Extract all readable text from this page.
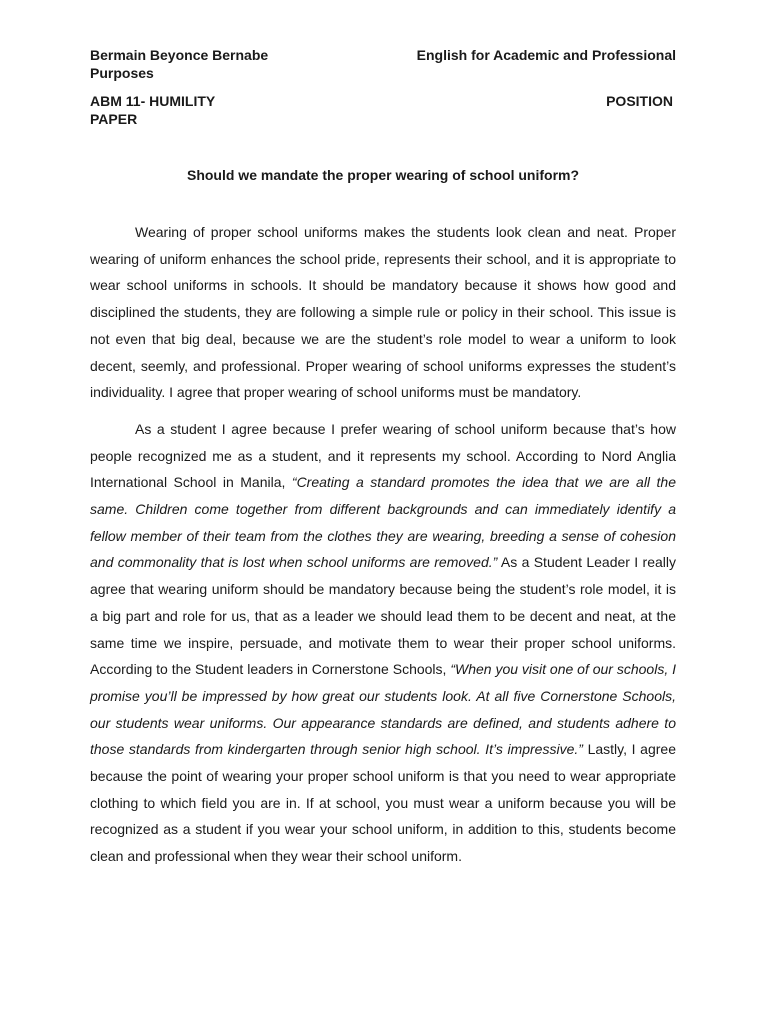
Bermain Beyonce Bernabe	English for Academic and Professional
Purposes
ABM 11- HUMILITY	POSITION
PAPER
Should we mandate the proper wearing of school uniform?

Wearing of proper school uniforms makes the students look clean and neat. Proper wearing of uniform enhances the school pride, represents their school, and it is appropriate to wear school uniforms in schools. It should be mandatory because it shows how good and disciplined the students, they are following a simple rule or policy in their school. This issue is not even that big deal, because we are the student’s role model to wear a uniform to look decent, seemly, and professional. Proper wearing of school uniforms expresses the student’s individuality. I agree that proper wearing of school uniforms must be mandatory.

As a student I agree because I prefer wearing of school uniform because that’s how people recognized me as a student, and it represents my school. According to Nord Anglia International School in Manila, “Creating a standard promotes the idea that we are all the same. Children come together from different backgrounds and can immediately identify a fellow member of their team from the clothes they are wearing, breeding a sense of cohesion and commonality that is lost when school uniforms are removed.” As a Student Leader I really agree that wearing uniform should be mandatory because being the student’s role model, it is a big part and role for us, that as a leader we should lead them to be decent and neat, at the same time we inspire, persuade, and motivate them to wear their proper school uniforms. According to the Student leaders in Cornerstone Schools, “When you visit one of our schools, I promise you’ll be impressed by how great our students look. At all five Cornerstone Schools, our students wear uniforms. Our appearance standards are defined, and students adhere to those standards from kindergarten through senior high school. It’s impressive.” Lastly, I agree because the point of wearing your proper school uniform is that you need to wear appropriate clothing to which field you are in. If at school, you must wear a uniform because you will be recognized as a student if you wear your school uniform, in addition to this, students become clean and professional when they wear their school uniform.
